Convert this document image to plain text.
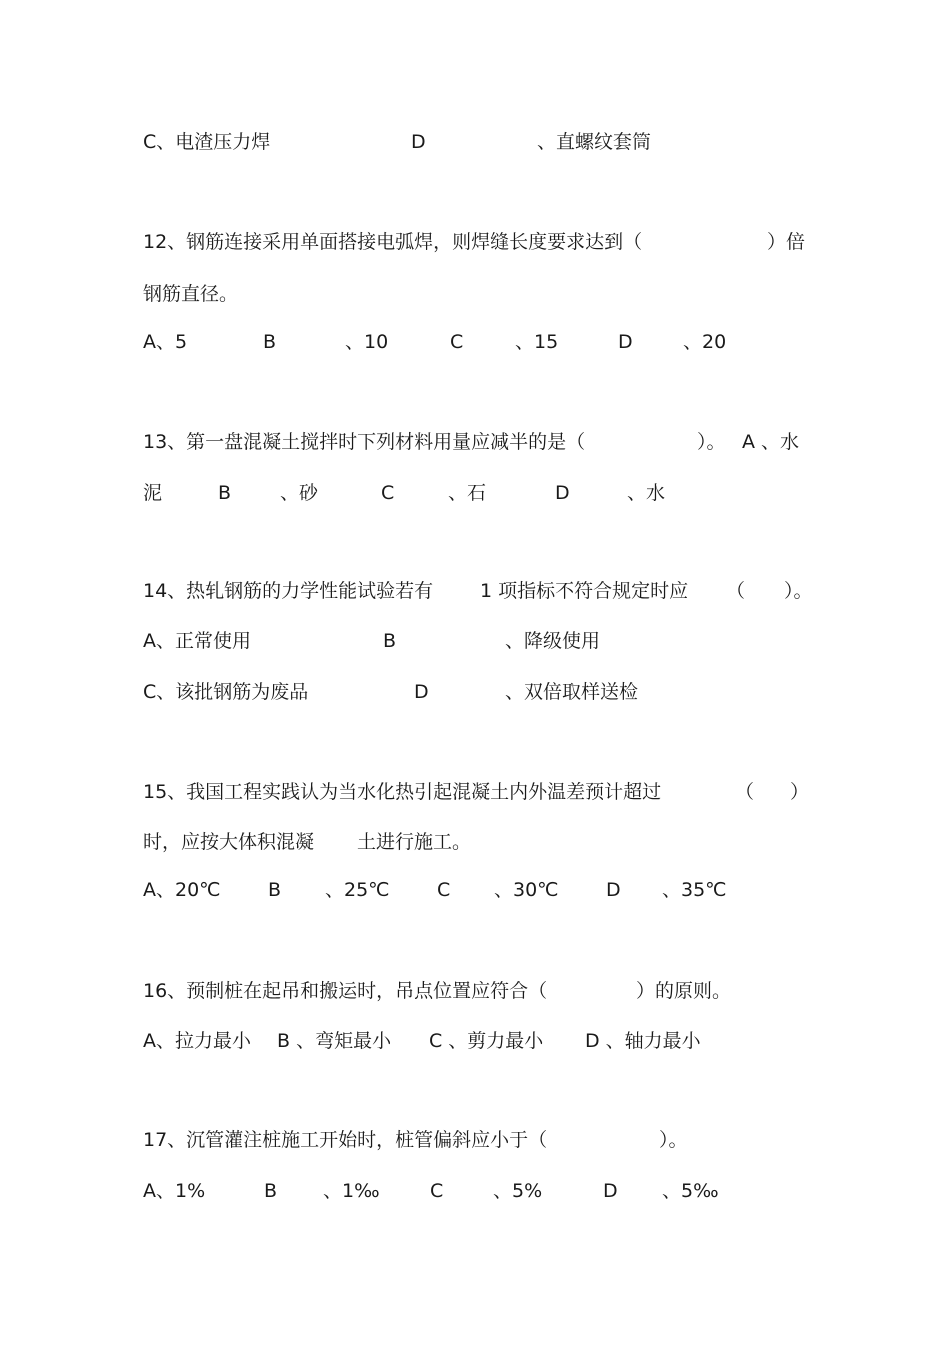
C、电渣压力焊	D	、直螺纹套筒
12、钢筋连接采用单面搭接电弧焊，则焊缝长度要求达到（	）倍
钢筋直径。
A、5	B	、10	C	、15	D	、20
13、第一盘混凝土搅拌时下列材料用量应减半的是（	）。 A 、水
泥	B	、砂	C	、石	D	、水
14、热轧钢筋的力学性能试验若有 1 项指标不符合规定时应 （ ）。
A、正常使用	B	、降级使用
C、该批钢筋为废品	D	、双倍取样送检
15、我国工程实践认为当水化热引起混凝土内外温差预计超过	（ ）
时，应按大体积混凝 土进行施工。
A、20℃ B 、25℃ C 、30℃ D 、35℃
16、预制桩在起吊和搬运时，吊点位置应符合（	）的原则。
A、拉力最小 B 、弯矩最小 C 、剪力最小 D 、轴力最小
17、沉管灌注桩施工开始时，桩管偏斜应小于（	）。
A、1%	B 、1‰	C	、5%	D 、5‰
